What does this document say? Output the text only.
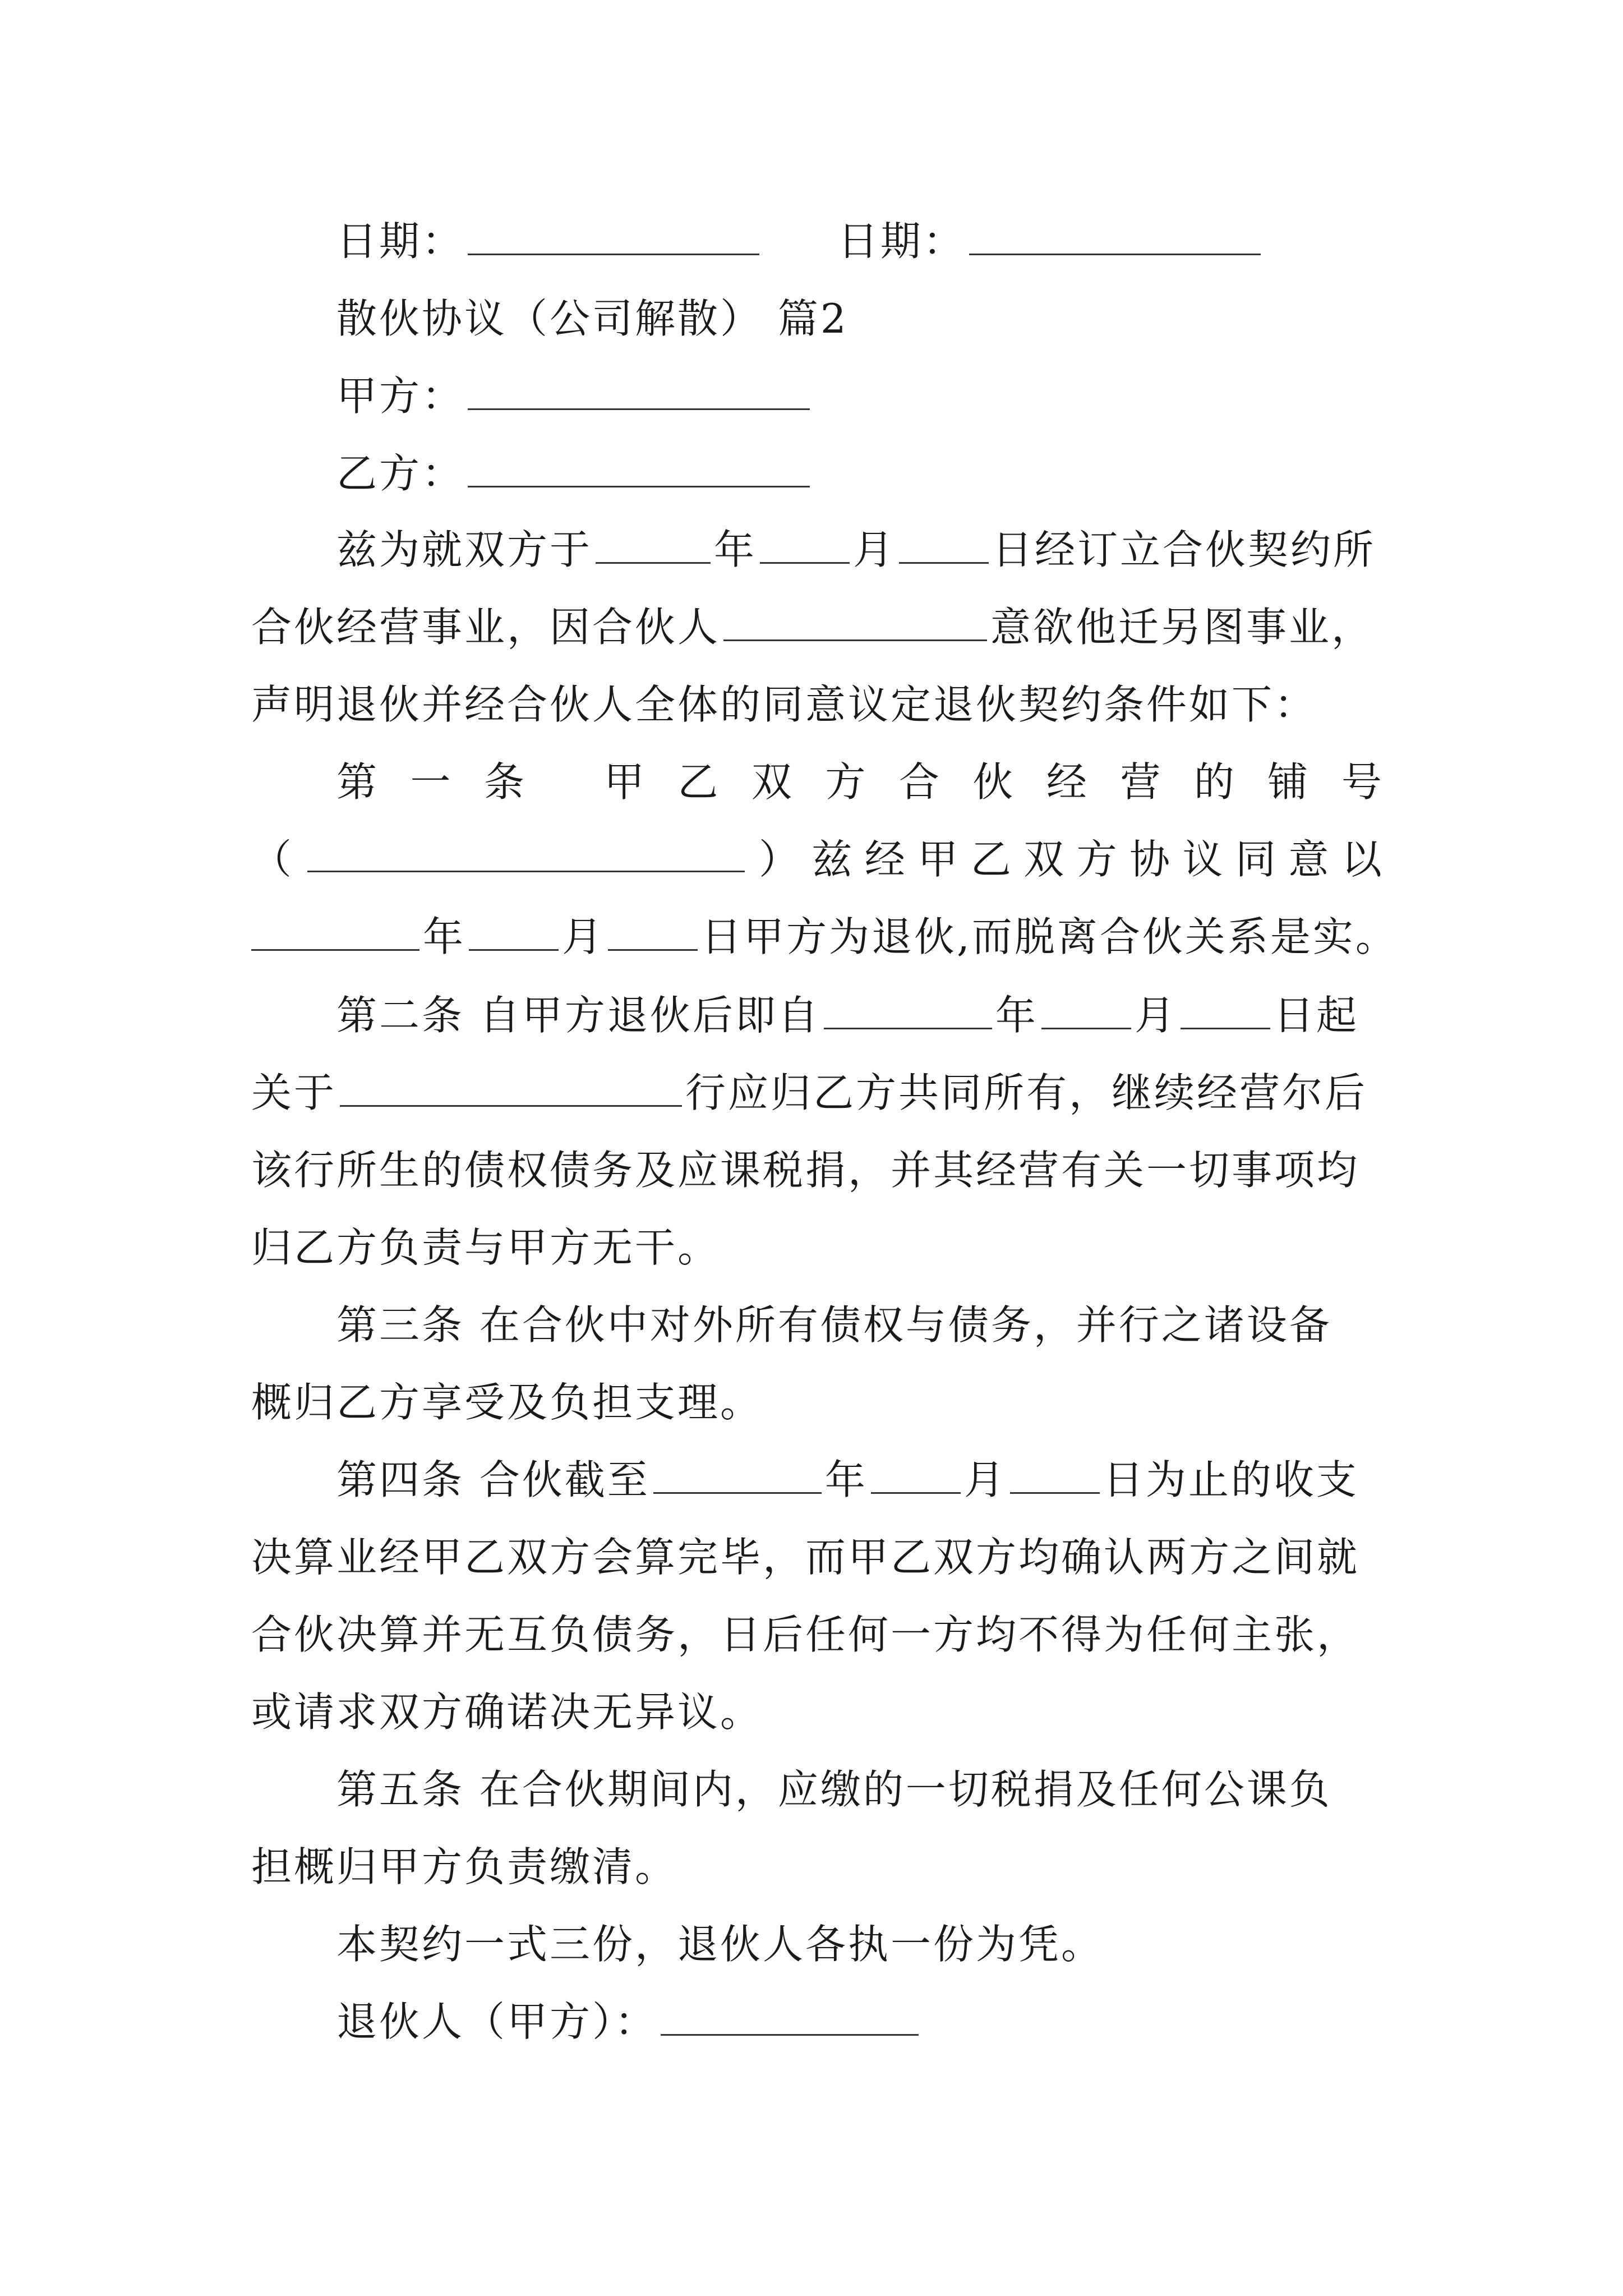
日期：	日期：
散伙协议（公司解散） 篇2
甲方：
乙方：
兹为就双方于	年 月 日经订立合伙契约所
合伙经营事业，因合伙人	意欲他迁另图事业，
声明退伙并经合伙人全体的同意议定退伙契约条件如下：
第 一 条
甲 乙 双 方 合 伙 经 营 的 铺 号
（	） 兹 经 甲 乙 双 方 协 议 同 意 以
年 月 日甲方为退伙,而脱离合伙关系是实。
第二条 自甲方退伙后即自	年 月 日起
关于	行应归乙方共同所有，继续经营尔后
该行所生的债权债务及应课税捐，并其经营有关一切事项均
归乙方负责与甲方无干。
第三条 在合伙中对外所有债权与债务，并行之诸设备
概归乙方享受及负担支理。
第四条 合伙截至	年 月 日为止的收支
决算业经甲乙双方会算完毕，而甲乙双方均确认两方之间就
合伙决算并无互负债务，日后任何一方均不得为任何主张，
或请求双方确诺决无异议。
第五条 在合伙期间内，应缴的一切税捐及任何公课负
担概归甲方负责缴清。
本契约一式三份，退伙人各执一份为凭。
退伙人（甲方）：
